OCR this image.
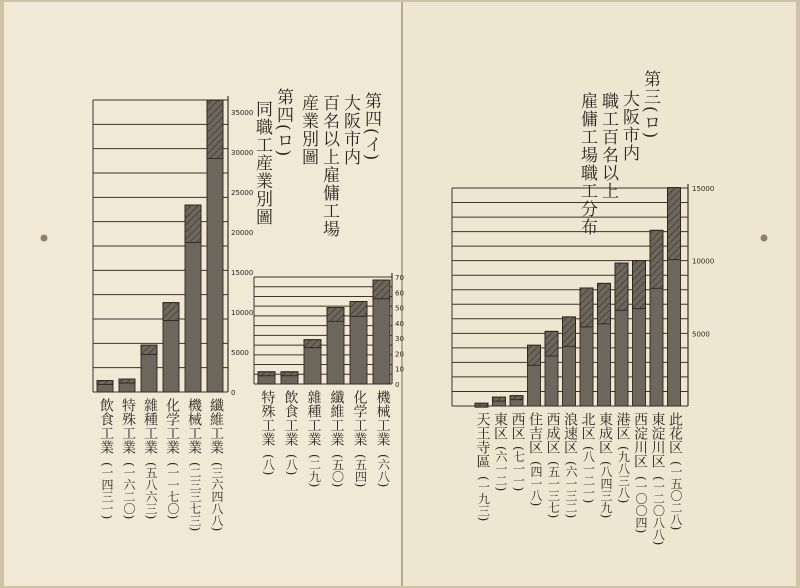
0
5000
10000
15000
20000
25000
30000
35000
0
10
20
30
40
50
60
70
5000
10000
15000
第四(イ)
大阪市内
百名以上雇傭工場
産業別圖
第四(ロ)
同職工産業別圖	第三(ロ)
大阪市内
職工百名以上
雇傭工場職工分布
飲食工業
(一四三一)
特殊工業
(一六二〇)
雜種工業
(五八六三)
化学工業
(一一七〇)
機械工業
(二三三七三)
纖維工業
(三六四八八)
特殊工業
(八)
飲食工業
(八)
雜種工業
(二九)
纖維工業
(五〇)
化学工業
(五四)
機械工業
(六八)
天王寺區
(一九三)
東区
(六一二)
西区
(七一一)
住吉区
(四一八)
西成区
(五一三七)
浪速区
(六一三二)
北区
(八一二一)
東成区
(八四三九)
港区
(九八三八)
西淀川区
(一〇〇四)
東淀川区
(一二〇八八)
此花区
(一五〇二八)
